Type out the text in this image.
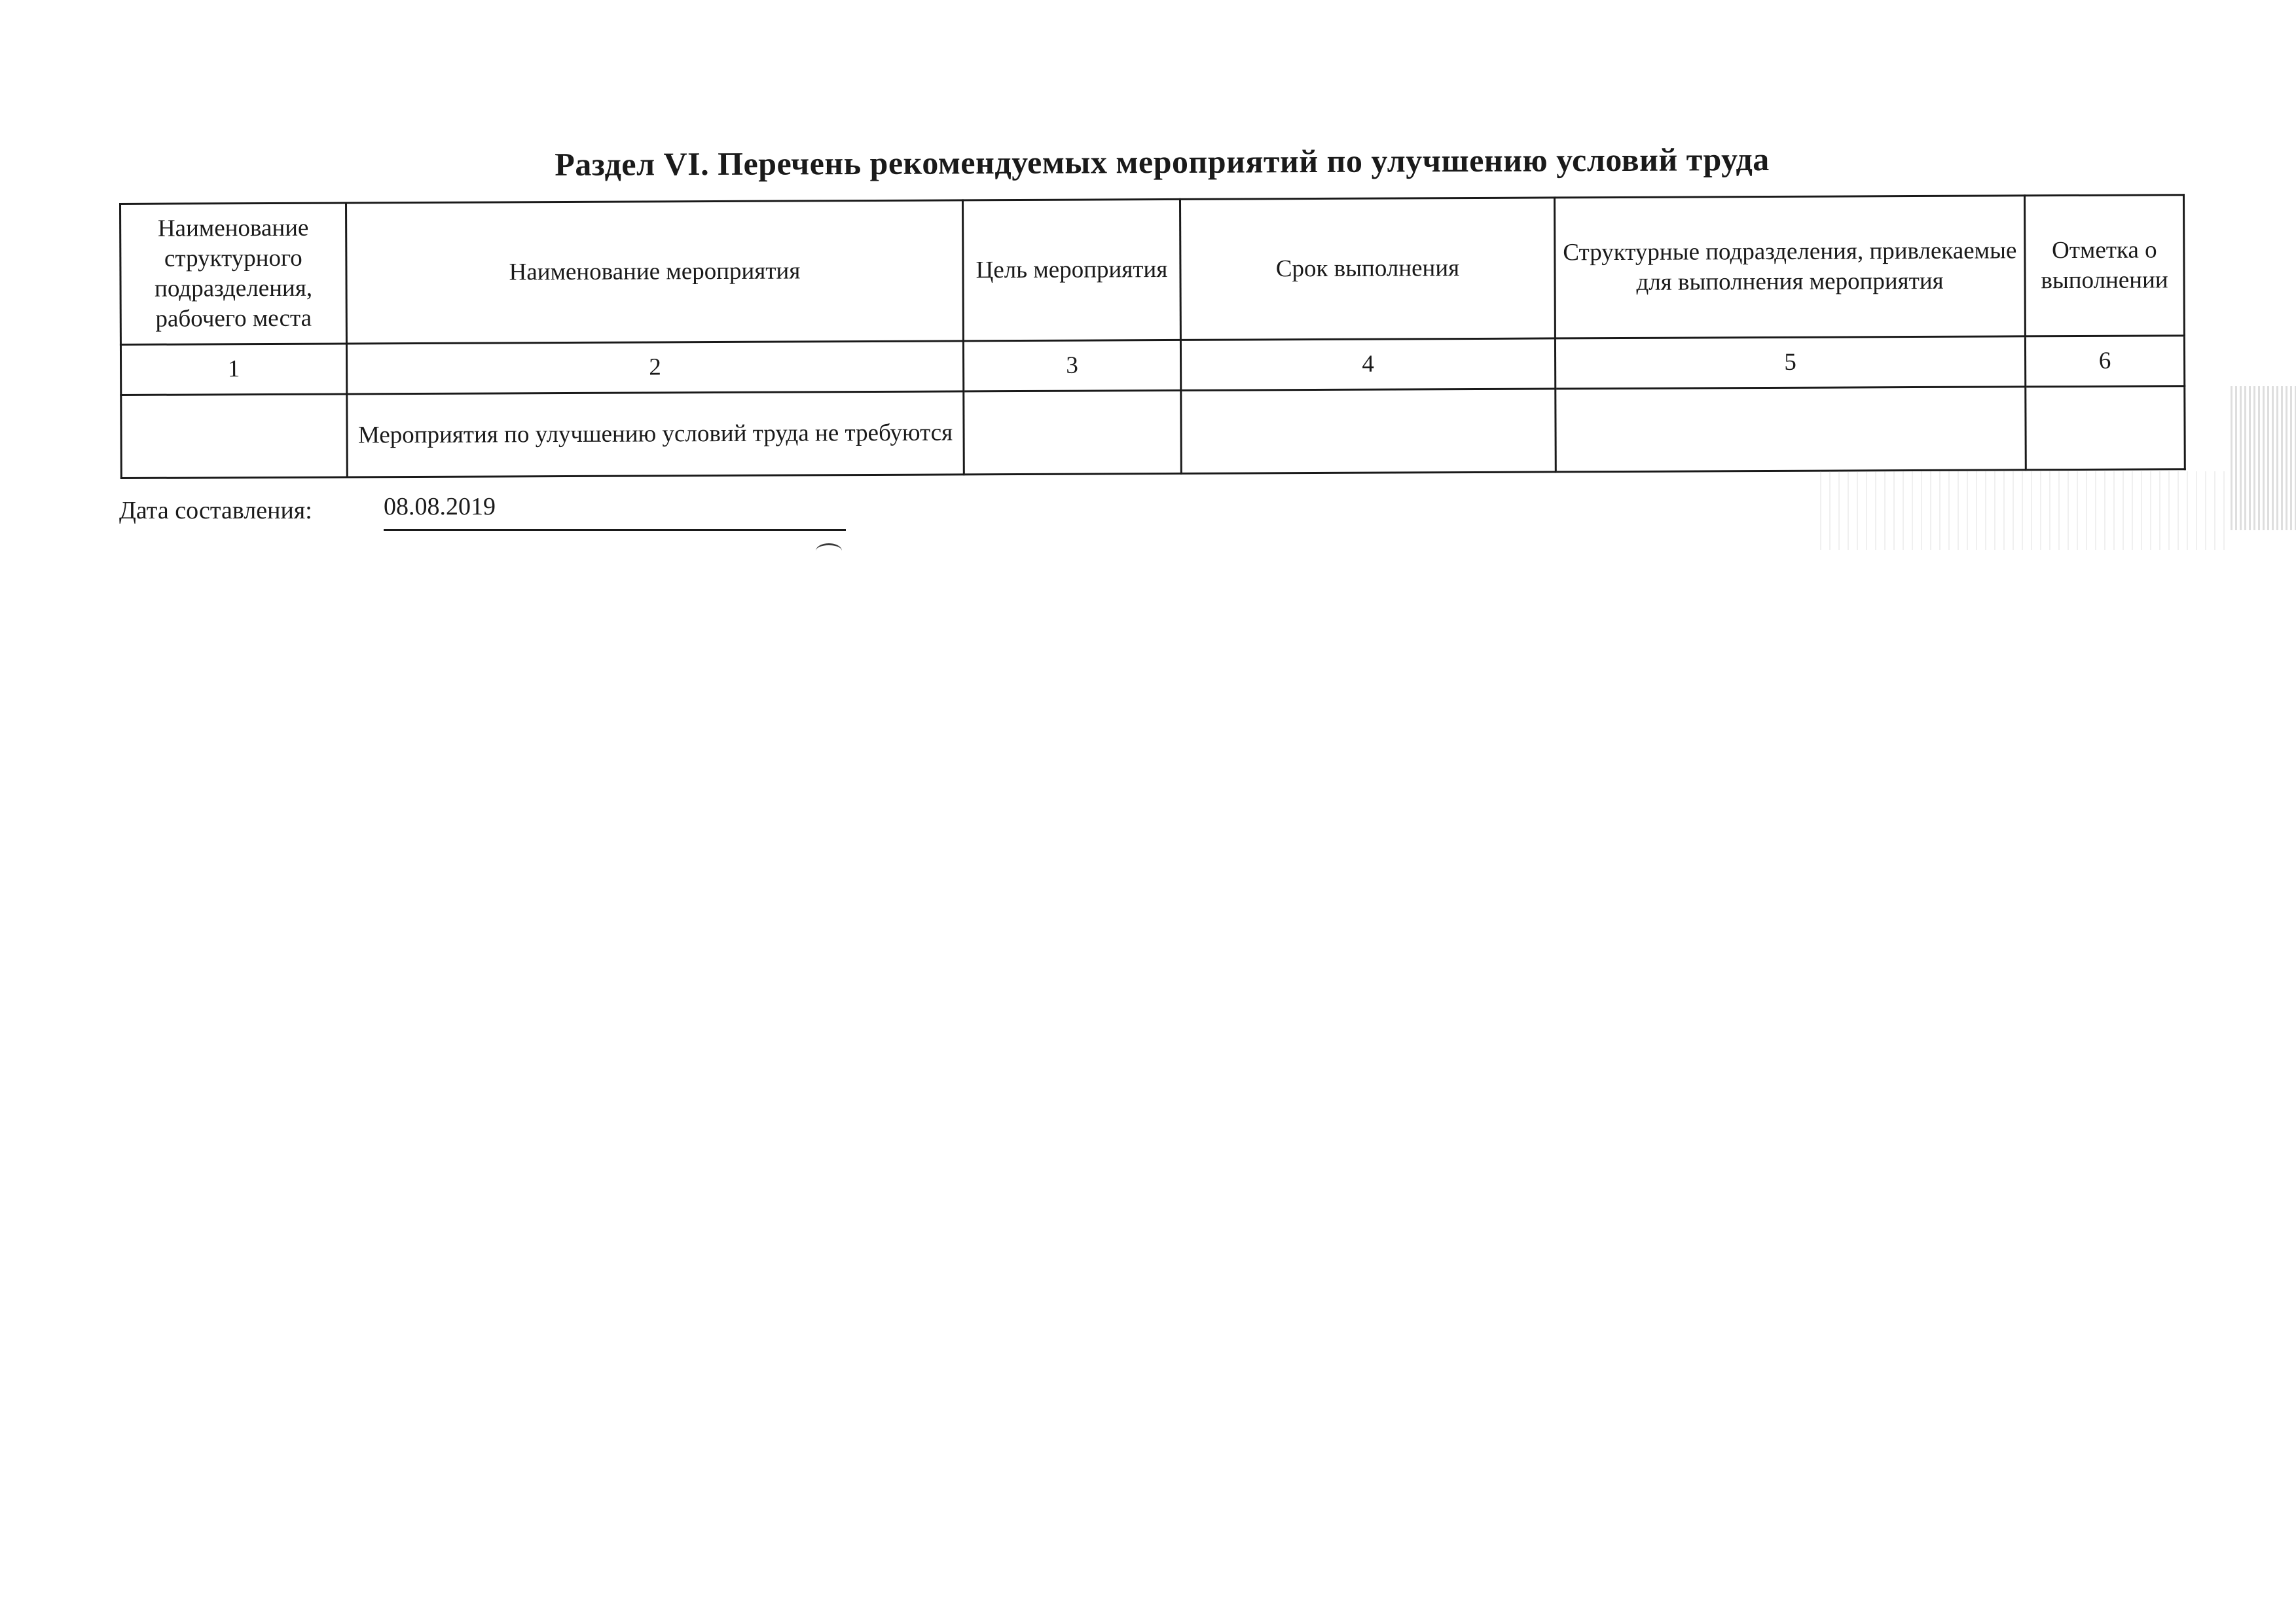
Раздел VI. Перечень рекомендуемых мероприятий по улучшению условий труда
Наименование структурного подразделения, рабочего места	Наименование мероприятия	Цель мероприятия	Срок выполнения	Структурные подразделения, привлекаемые для выполнения мероприятия	Отметка о выполнении
1	2	3	4	5	6
	Мероприятия по улучшению условий труда не требуются				
Дата составления:	08.08.2019
